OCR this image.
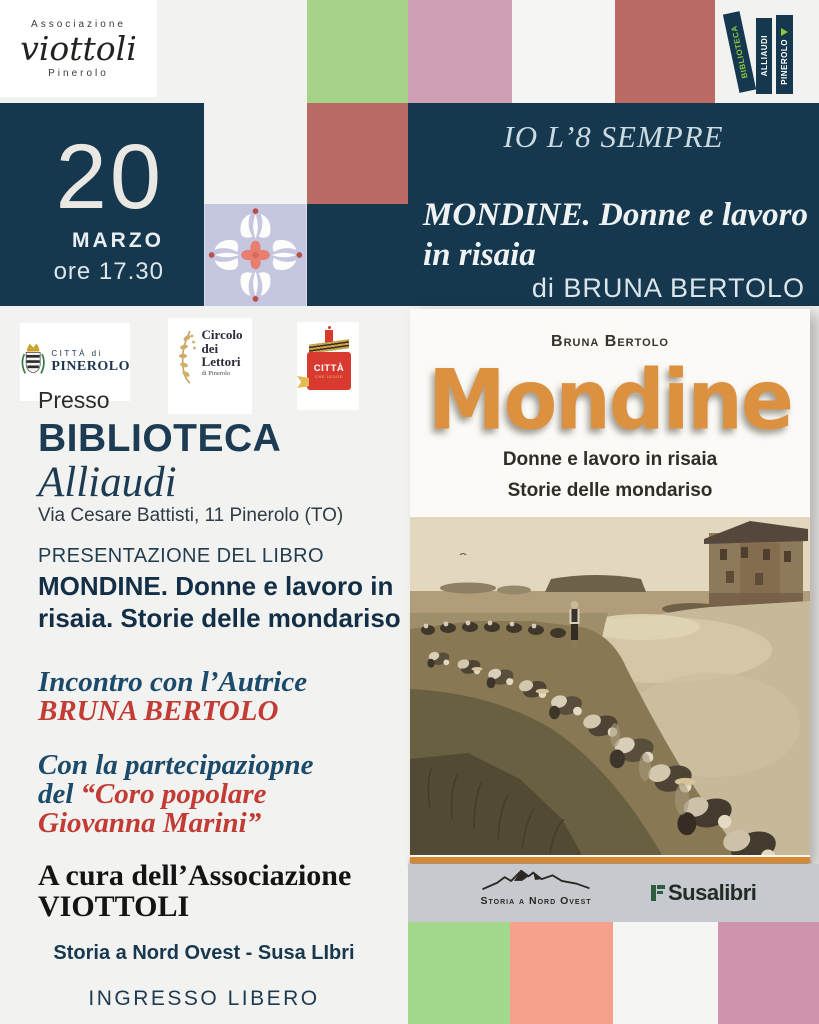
Associazione
viottoli
Pinerolo	BIBLIOTECA ALLIAUDI PINEROLO
20
MARZO
ore 17.30
IO L’8 SEMPRE
MONDINE. Donne e lavoro
in risaia
di BRUNA BERTOLO
CITTÀ di
PINEROLO
Circolo
dei
Lettori
di Pinerolo	CITTÀ
CHE LEGGE
Presso
BIBLIOTECA
Alliaudi
Via Cesare Battisti, 11 Pinerolo (TO)
PRESENTAZIONE DEL LIBRO
MONDINE. Donne e lavoro in risaia. Storie delle mondariso
Incontro con l’Autrice
BRUNA BERTOLO
Con la partecipaziopne
del “Coro popolare
Giovanna Marini”
A cura dell’Associazione
VIOTTOLI
Storia a Nord Ovest - Susa LIbri
INGRESSO LIBERO
Bruna Bertolo
Mondine
Donne e lavoro in risaia
Storie delle mondariso
Storia a Nord Ovest	Susalibri
